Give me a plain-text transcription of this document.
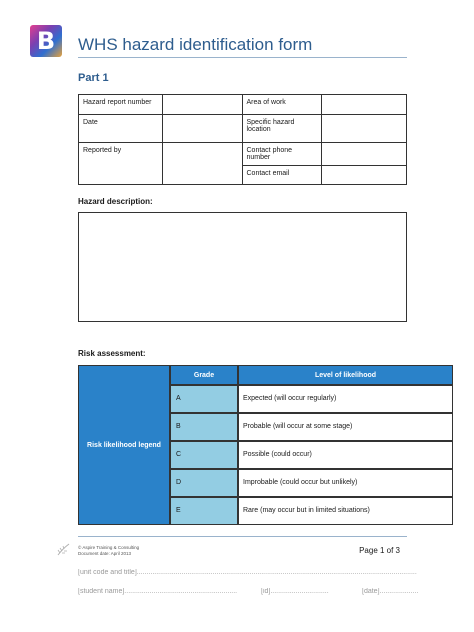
B	WHS hazard identification form
Part 1
Hazard report number		Area of work	
Date		Specific hazard location	
Reported by		Contact phone number	
		Contact email	
Hazard description:
Risk assessment:
Risk likelihood legend
Grade	Level of likelihood
A	Expected (will occur regularly)
B	Probable (will occur at some stage)
C	Possible (could occur)
D	Improbable (could occur but unlikely)
E	Rare (may occur but in limited situations)
© Aspire Training & Consulting
Document date: April 2013	Page 1 of 3
[unit code and title]................................................................................................................................................
[student name]..........................................................	[id]..............................	[date]....................
